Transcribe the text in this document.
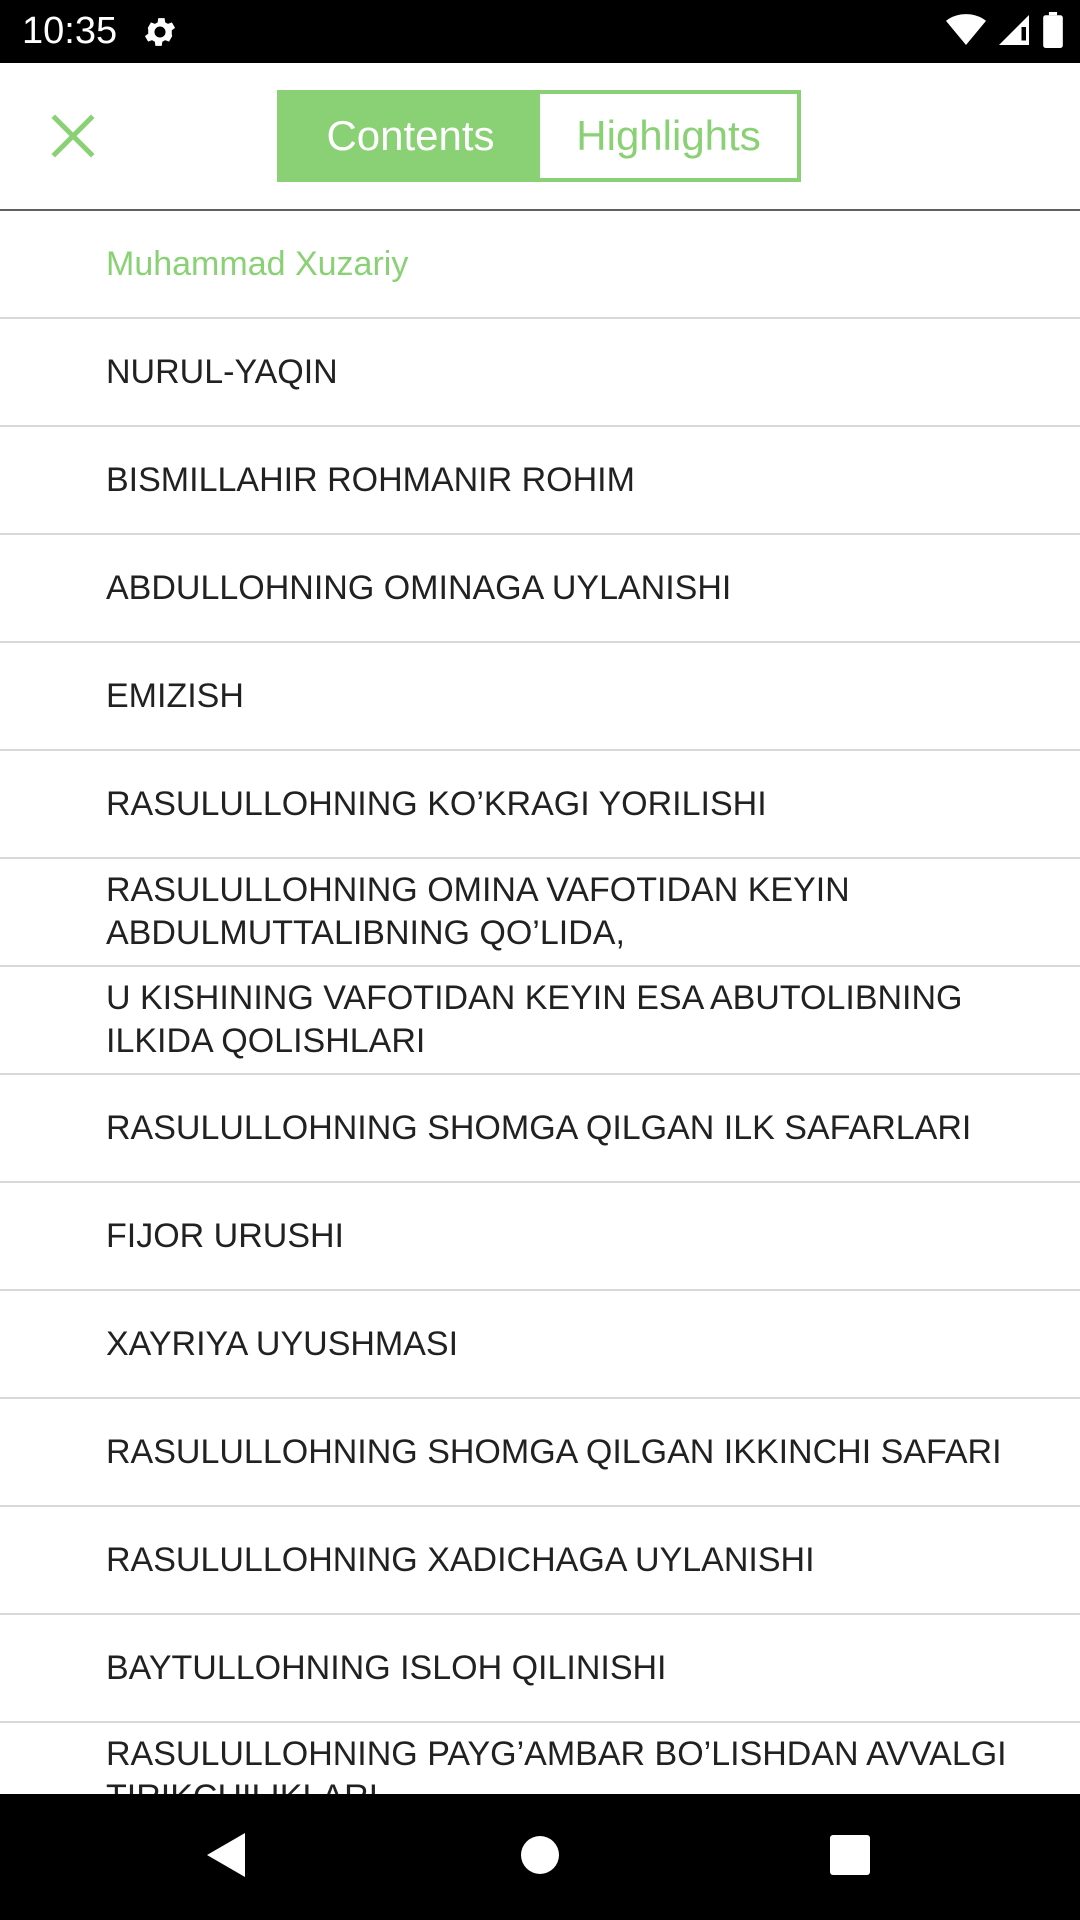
10:35
Contents	Highlights
Muhammad Xuzariy
NURUL-YAQIN
BISMILLAHIR ROHMANIR ROHIM
ABDULLOHNING OMINAGA UYLANISHI
EMIZISH
RASULULLOHNING KO’KRAGI YORILISHI
RASULULLOHNING OMINA VAFOTIDAN KEYIN ABDULMUTTALIBNING QO’LIDA,
U KISHINING VAFOTIDAN KEYIN ESA ABUTOLIBNING ILKIDA QOLISHLARI
RASULULLOHNING SHOMGA QILGAN ILK SAFARLARI
FIJOR URUSHI
XAYRIYA UYUSHMASI
RASULULLOHNING SHOMGA QILGAN IKKINCHI SAFARI
RASULULLOHNING XADICHAGA UYLANISHI
BAYTULLOHNING ISLOH QILINISHI
RASULULLOHNING PAYG’AMBAR BO’LISHDAN AVVALGI
